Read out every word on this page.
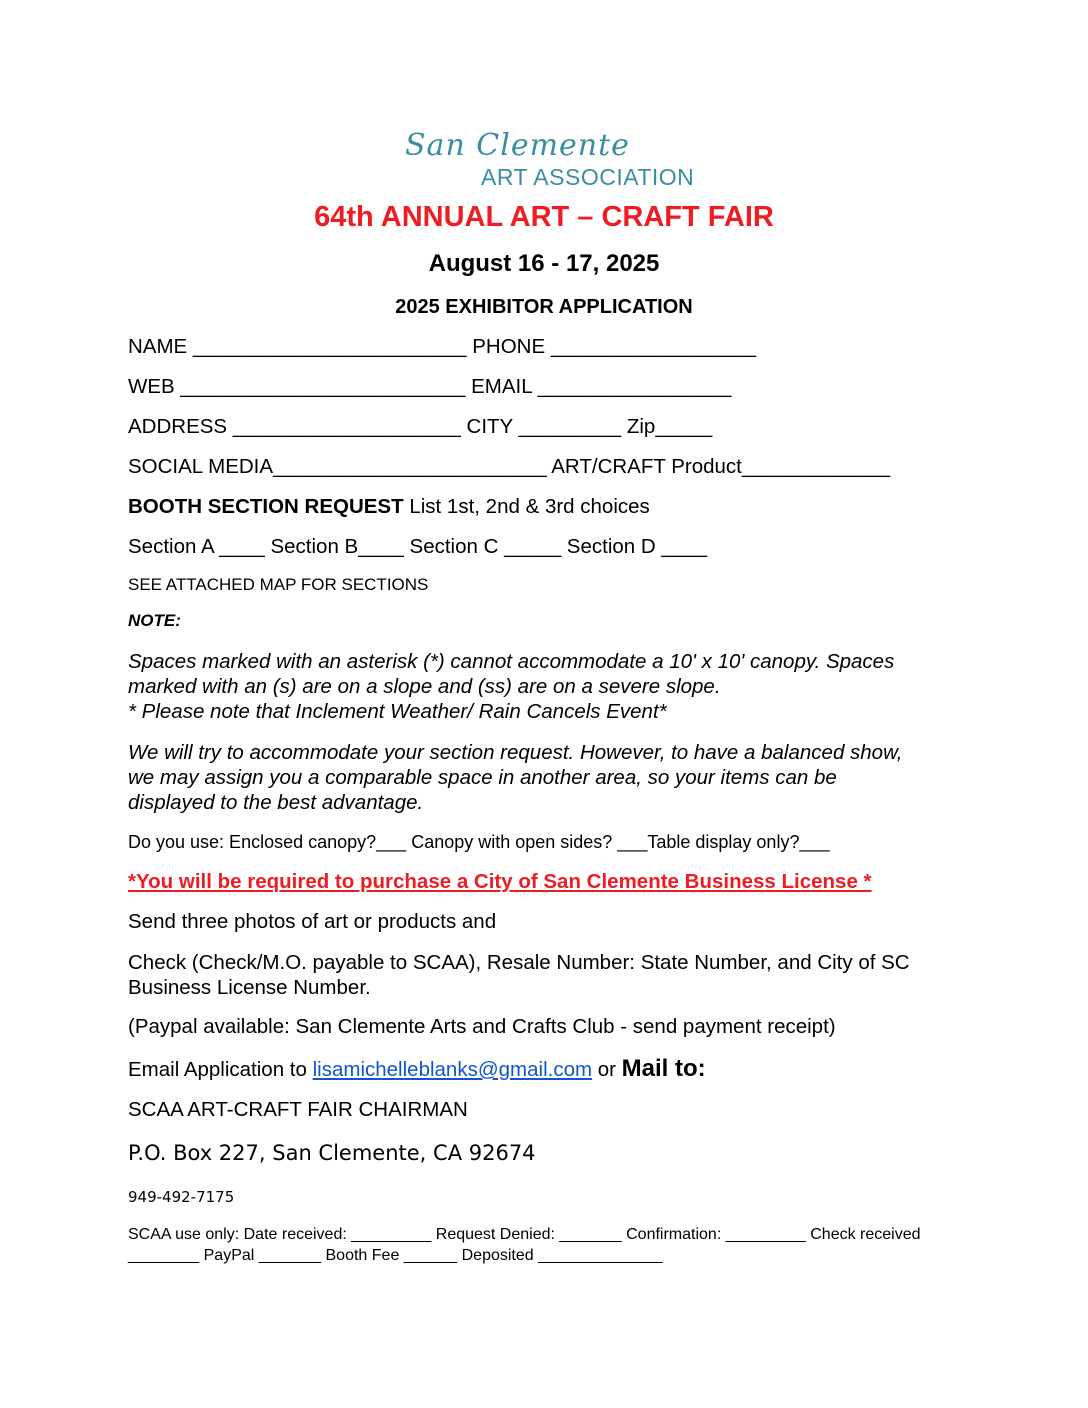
San Clemente
ART ASSOCIATION
64th ANNUAL ART – CRAFT FAIR
August 16 - 17, 2025
2025 EXHIBITOR APPLICATION
NAME ________________________ PHONE __________________
WEB _________________________ EMAIL _________________
ADDRESS ____________________ CITY _________ Zip_____
SOCIAL MEDIA________________________ ART/CRAFT Product_____________
BOOTH SECTION REQUEST List 1st, 2nd & 3rd choices
Section A ____ Section B____ Section C _____ Section D ____
SEE ATTACHED MAP FOR SECTIONS
NOTE:
Spaces marked with an asterisk (*) cannot accommodate a 10' x 10' canopy. Spaces
marked with an (s) are on a slope and (ss) are on a severe slope.
* Please note that Inclement Weather/ Rain Cancels Event*
We will try to accommodate your section request. However, to have a balanced show,
we may assign you a comparable space in another area, so your items can be
displayed to the best advantage.
Do you use: Enclosed canopy?___ Canopy with open sides? ___Table display only?___
*You will be required to purchase a City of San Clemente Business License *
Send three photos of art or products and
Check (Check/M.O. payable to SCAA), Resale Number: State Number, and City of SC
Business License Number.
(Paypal available: San Clemente Arts and Crafts Club - send payment receipt)
Email Application to lisamichelleblanks@gmail.com or Mail to:
SCAA ART-CRAFT FAIR CHAIRMAN
P.O. Box 227, San Clemente, CA 92674
949-492-7175
SCAA use only: Date received: _________ Request Denied: _______ Confirmation: _________ Check received
________ PayPal _______ Booth Fee ______ Deposited ______________
